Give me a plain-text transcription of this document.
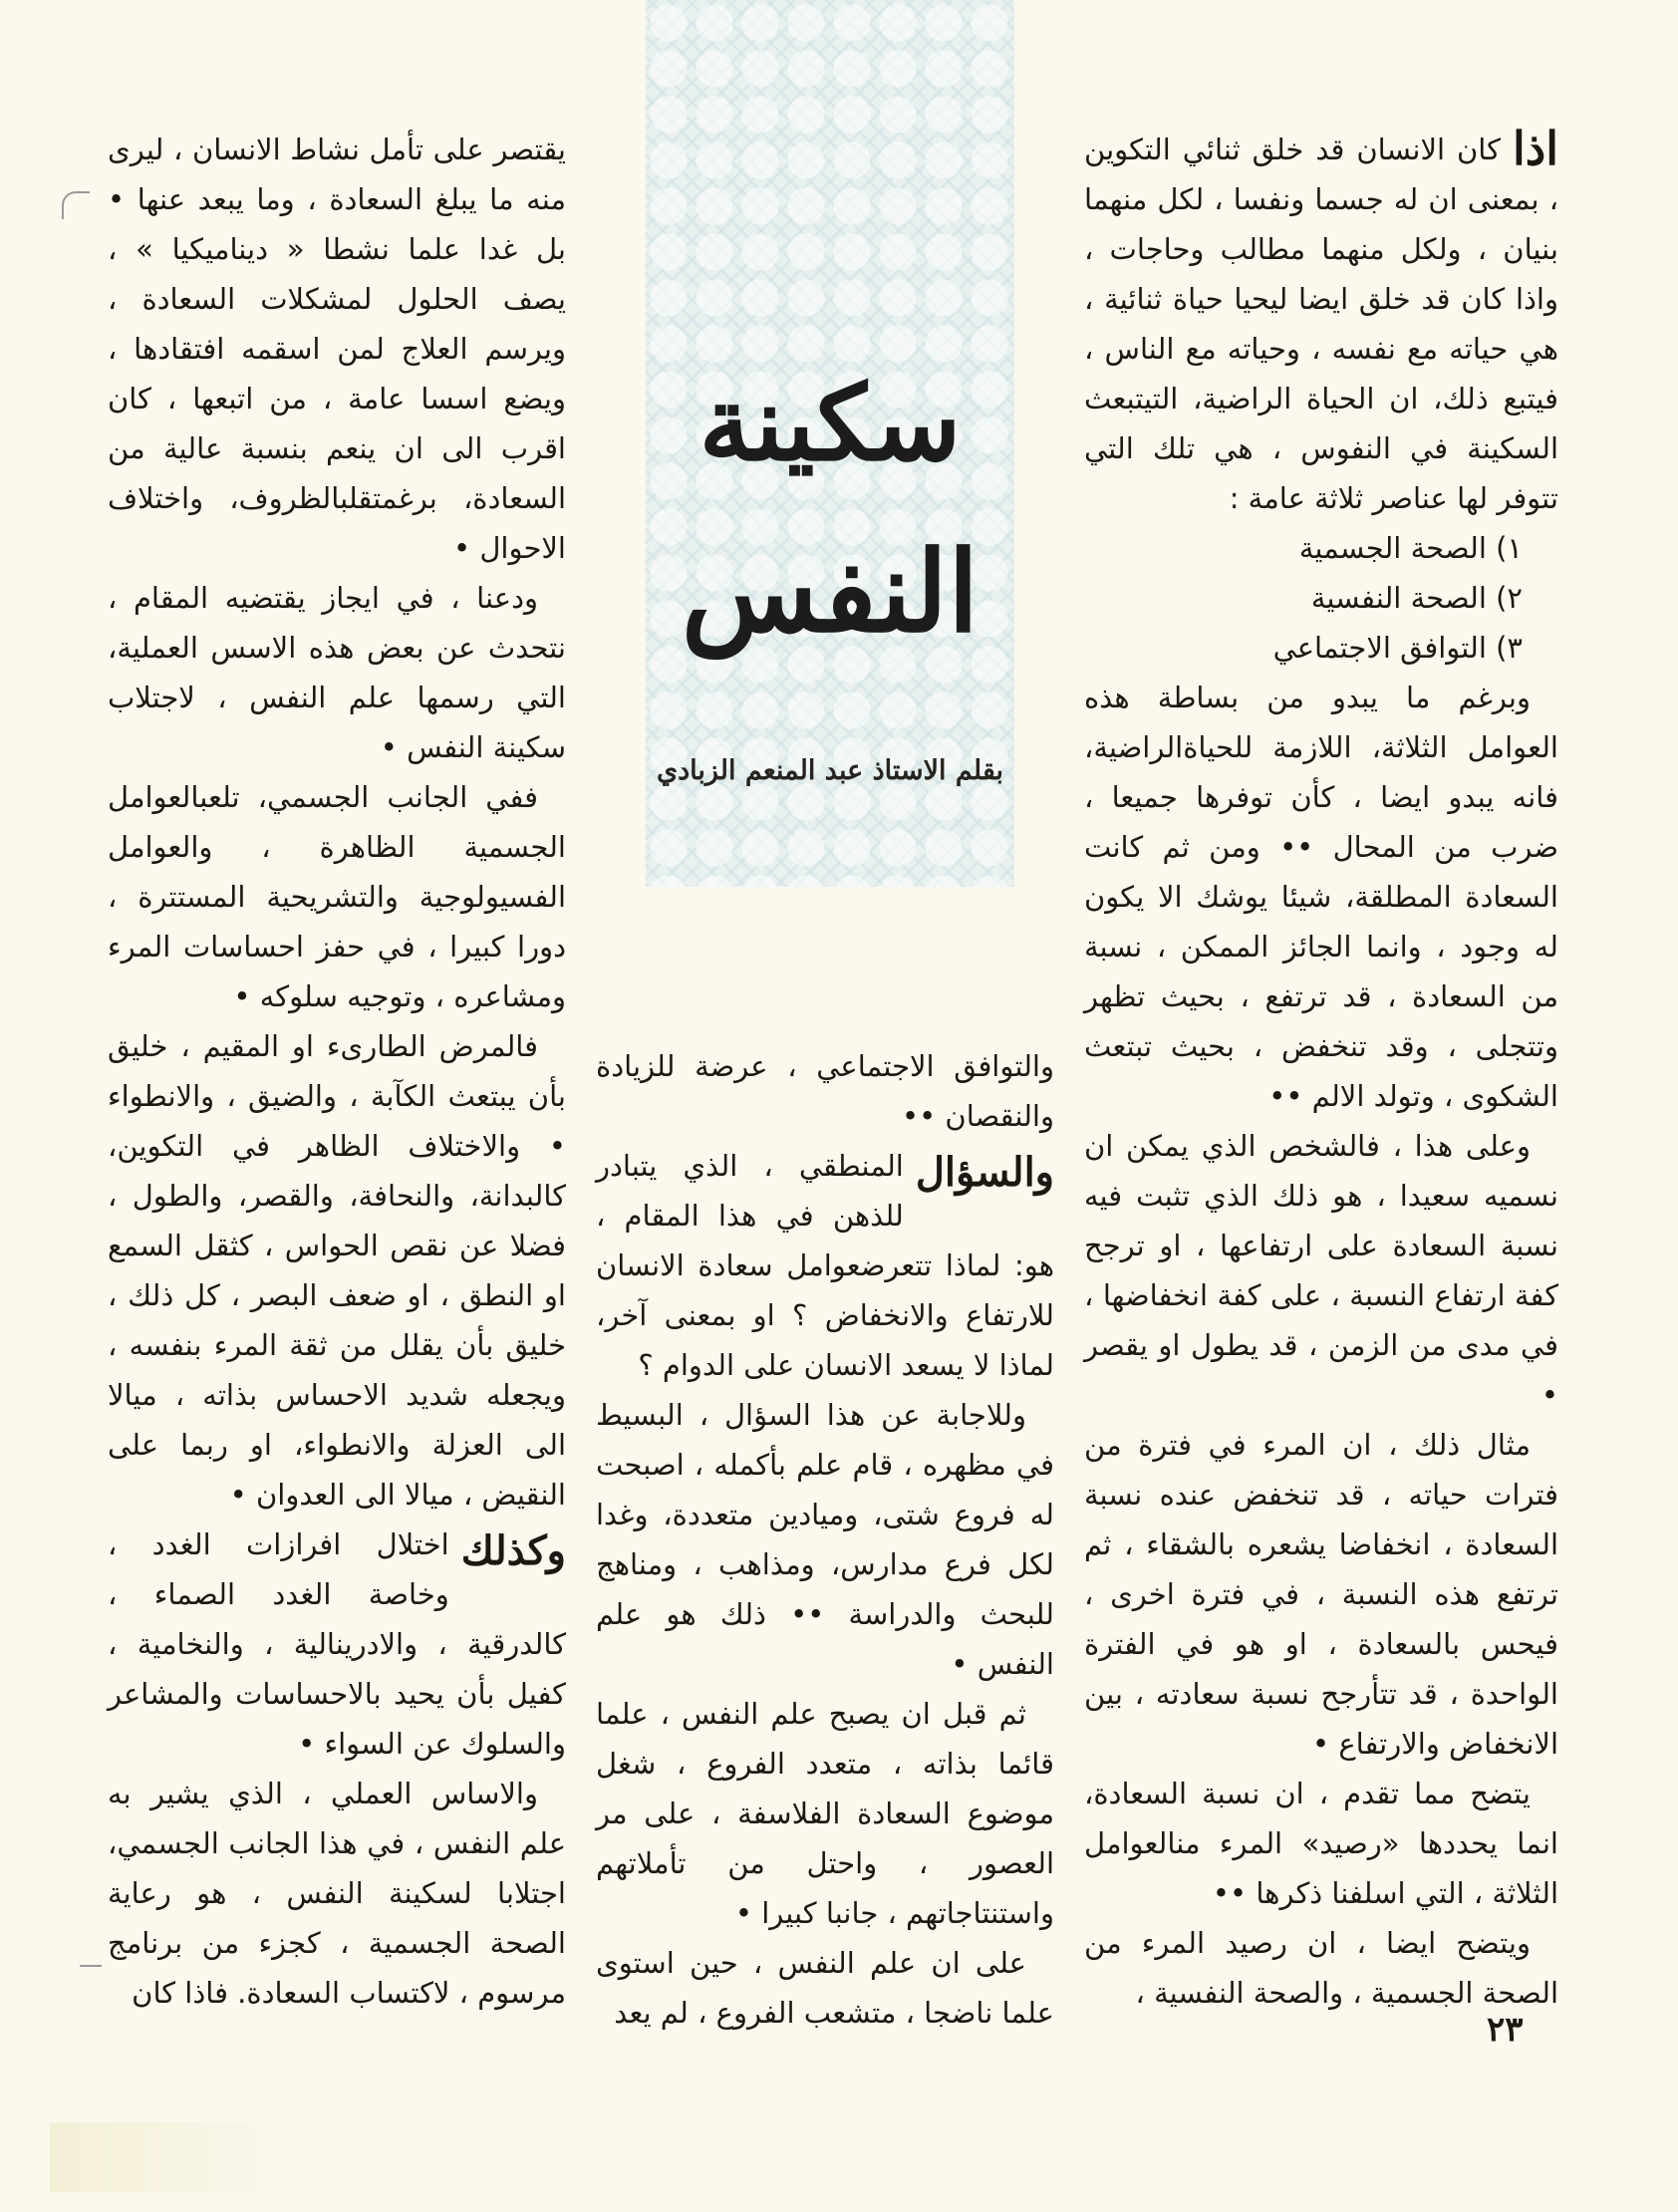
سكينة
النفس
بقلم الاستاذ عبد المنعم الزبادي

اذا
كان الانسان قد خلق ثنائي التكوين ، بمعنى ان له جسما ونفسا ، لكل منهما بنيان ، ولكل منهما مطالب وحاجات ، واذا كان قد خلق ايضا ليحيا حياة ثنائية ، هي حياته مع نفسه ، وحياته مع الناس ، فيتبع ذلك، ان الحياة الراضية، التيتبعث السكينة في النفوس ، هي تلك التي تتوفر لها عناصر ثلاثة عامة :

١) الصحة الجسمية

٢) الصحة النفسية

٣) التوافق الاجتماعي

وبرغم ما يبدو من بساطة هذه العوامل الثلاثة، اللازمة للحياةالراضية، فانه يبدو ايضا ، كأن توفرها جميعا ، ضرب من المحال •• ومن ثم كانت السعادة المطلقة، شيئا يوشك الا يكون له وجود ، وانما الجائز الممكن ، نسبة من السعادة ، قد ترتفع ، بحيث تظهر وتتجلى ، وقد تنخفض ، بحيث تبتعث الشكوى ، وتولد الالم ••

وعلى هذا ، فالشخص الذي يمكن ان نسميه سعيدا ، هو ذلك الذي تثبت فيه نسبة السعادة على ارتفاعها ، او ترجح كفة ارتفاع النسبة ، على كفة انخفاضها ، في مدى من الزمن ، قد يطول او يقصر •

مثال ذلك ، ان المرء في فترة من فترات حياته ، قد تنخفض عنده نسبة السعادة ، انخفاضا يشعره بالشقاء ، ثم ترتفع هذه النسبة ، في فترة اخرى ، فيحس بالسعادة ، او هو في الفترة الواحدة ، قد تتأرجح نسبة سعادته ، بين الانخفاض والارتفاع •

يتضح مما تقدم ، ان نسبة السعادة، انما يحددها «رصيد» المرء منالعوامل الثلاثة ، التي اسلفنا ذكرها ••

ويتضح ايضا ، ان رصيد المرء من الصحة الجسمية ، والصحة النفسية ،

والتوافق الاجتماعي ، عرضة للزيادة والنقصان ••

والسؤال
المنطقي ، الذي يتبادر للذهن في هذا المقام ، هو: لماذا تتعرضعوامل سعادة الانسان للارتفاع والانخفاض ؟ او بمعنى آخر، لماذا لا يسعد الانسان على الدوام ؟

وللاجابة عن هذا السؤال ، البسيط في مظهره ، قام علم بأكمله ، اصبحت له فروع شتى، وميادين متعددة، وغدا لكل فرع مدارس، ومذاهب ، ومناهج للبحث والدراسة •• ذلك هو علم النفس •

ثم قبل ان يصبح علم النفس ، علما قائما بذاته ، متعدد الفروع ، شغل موضوع السعادة الفلاسفة ، على مر العصور ، واحتل من تأملاتهم واستنتاجاتهم ، جانبا كبيرا •

على ان علم النفس ، حين استوى علما ناضجا ، متشعب الفروع ، لم يعد

يقتصر على تأمل نشاط الانسان ، ليرى منه ما يبلغ السعادة ، وما يبعد عنها • بل غدا علما نشطا « ديناميكيا » ، يصف الحلول لمشكلات السعادة ، ويرسم العلاج لمن اسقمه افتقادها ، ويضع اسسا عامة ، من اتبعها ، كان اقرب الى ان ينعم بنسبة عالية من السعادة، برغمتقلبالظروف، واختلاف الاحوال •

ودعنا ، في ايجاز يقتضيه المقام ، نتحدث عن بعض هذه الاسس العملية، التي رسمها علم النفس ، لاجتلاب سكينة النفس •

ففي الجانب الجسمي، تلعبالعوامل الجسمية الظاهرة ، والعوامل الفسيولوجية والتشريحية المستترة ، دورا كبيرا ، في حفز احساسات المرء ومشاعره ، وتوجيه سلوكه •

فالمرض الطارىء او المقيم ، خليق بأن يبتعث الكآبة ، والضيق ، والانطواء • والاختلاف الظاهر في التكوين، كالبدانة، والنحافة، والقصر، والطول ، فضلا عن نقص الحواس ، كثقل السمع او النطق ، او ضعف البصر ، كل ذلك ، خليق بأن يقلل من ثقة المرء بنفسه ، ويجعله شديد الاحساس بذاته ، ميالا الى العزلة والانطواء، او ربما على النقيض ، ميالا الى العدوان •

وكذلك
اختلال افرازات الغدد ، وخاصة الغدد الصماء ، كالدرقية ، والادرينالية ، والنخامية ، كفيل بأن يحيد بالاحساسات والمشاعر والسلوك عن السواء •

والاساس العملي ، الذي يشير به علم النفس ، في هذا الجانب الجسمي، اجتلابا لسكينة النفس ، هو رعاية الصحة الجسمية ، كجزء من برنامج مرسوم ، لاكتساب السعادة. فاذا كان

٢٣
